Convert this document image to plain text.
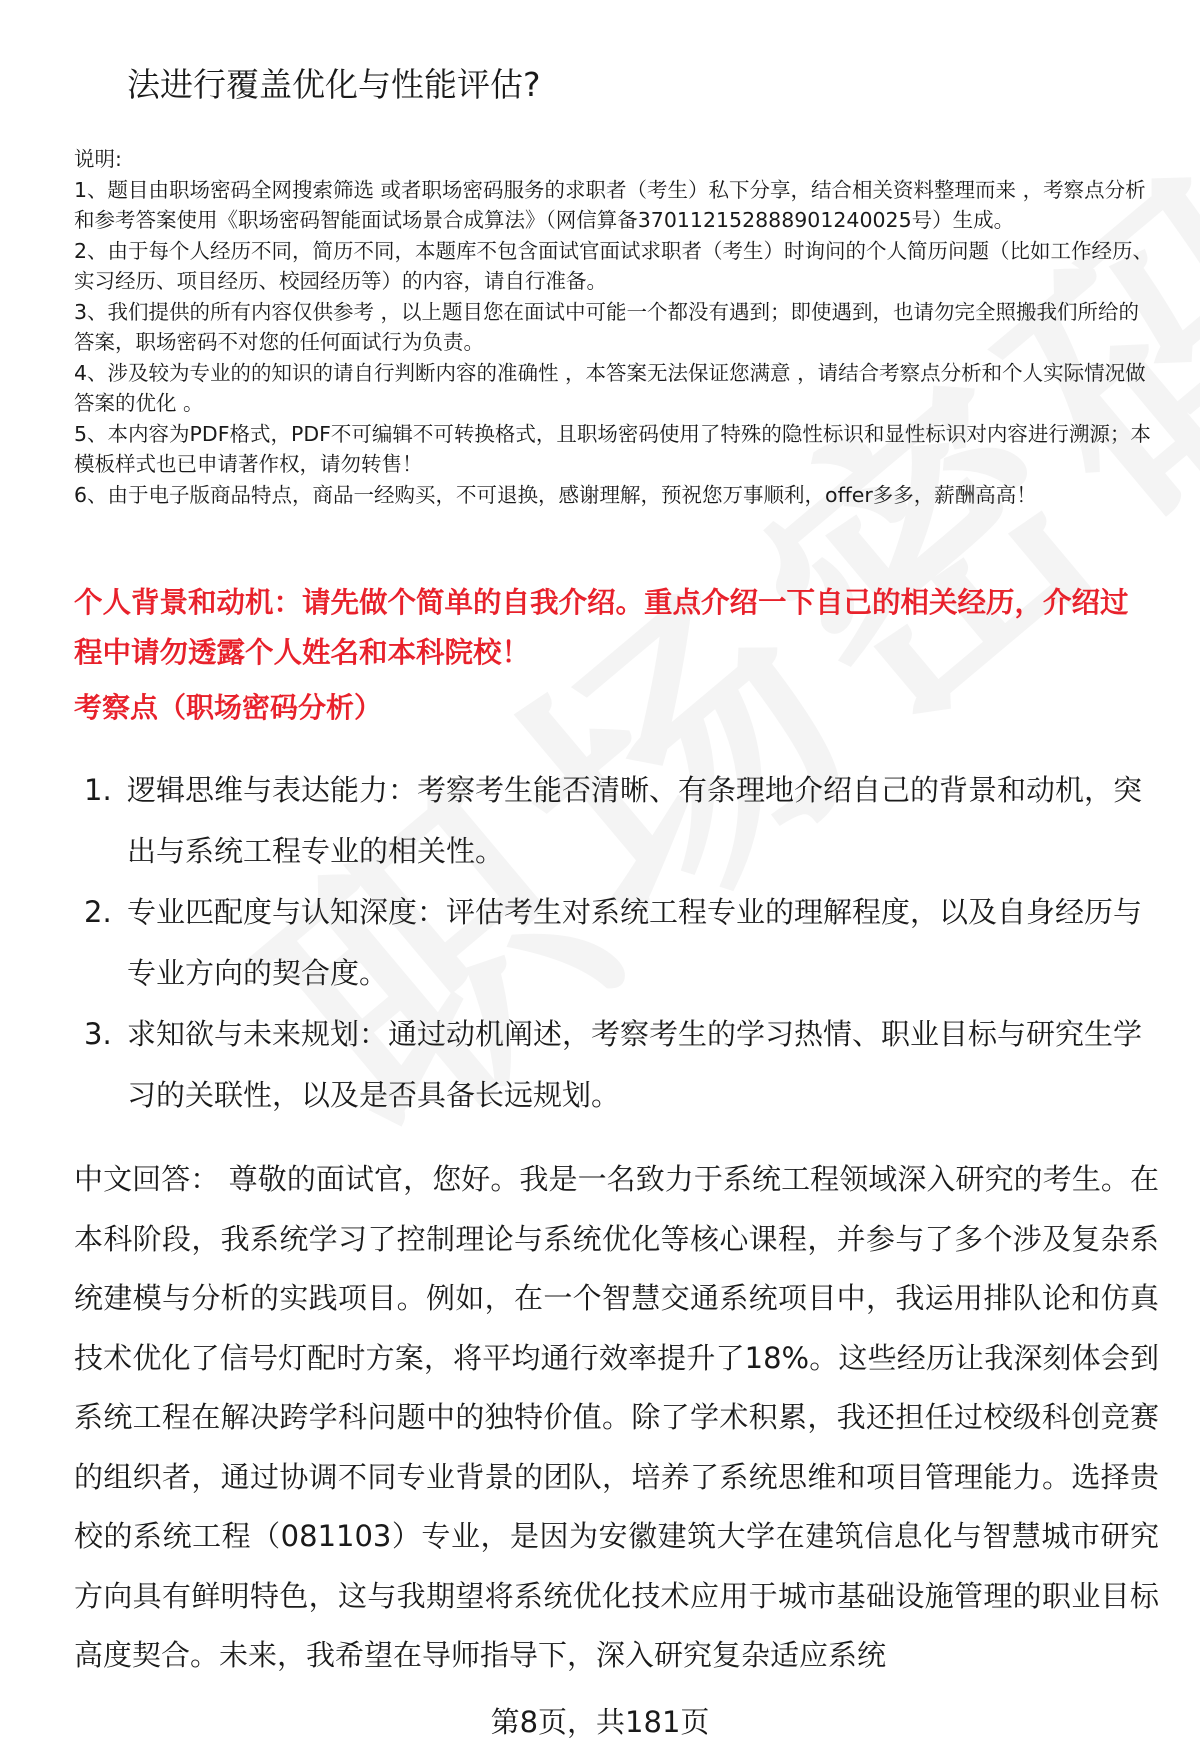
法进行覆盖优化与性能评估?

说明:

1、题目由职场密码全网搜索筛选 或者职场密码服务的求职者（考生）私下分享，结合相关资料整理而来 ，考察点分析和参考答案使用《职场密码智能面试场景合成算法》（网信算备370112152888901240025号）生成。

2、由于每个人经历不同，简历不同，本题库不包含面试官面试求职者（考生）时询问的个人简历问题（比如工作经历、实习经历、项目经历、校园经历等）的内容，请自行准备。

3、我们提供的所有内容仅供参考 ，以上题目您在面试中可能一个都没有遇到；即使遇到，也请勿完全照搬我们所给的答案，职场密码不对您的任何面试行为负责。

4、涉及较为专业的的知识的请自行判断内容的准确性 ，本答案无法保证您满意 ，请结合考察点分析和个人实际情况做答案的优化 。

5、本内容为PDF格式，PDF不可编辑不可转换格式，且职场密码使用了特殊的隐性标识和显性标识对内容进行溯源；本模板样式也已申请著作权，请勿转售！

6、由于电子版商品特点，商品一经购买，不可退换，感谢理解，预祝您万事顺利，offer多多，薪酬高高！

个人背景和动机：请先做个简单的自我介绍。重点介绍一下自己的相关经历，介绍过程中请勿透露个人姓名和本科院校！
考察点（职场密码分析）
1. 逻辑思维与表达能力：考察考生能否清晰、有条理地介绍自己的背景和动机，突出与系统工程专业的相关性。
2. 专业匹配度与认知深度：评估考生对系统工程专业的理解程度，以及自身经历与专业方向的契合度。
3. 求知欲与未来规划：通过动机阐述，考察考生的学习热情、职业目标与研究生学习的关联性，以及是否具备长远规划。

中文回答： 尊敬的面试官，您好。我是一名致力于系统工程领域深入研究的考生。在本科阶段，我系统学习了控制理论与系统优化等核心课程，并参与了多个涉及复杂系统建模与分析的实践项目。例如，在一个智慧交通系统项目中，我运用排队论和仿真技术优化了信号灯配时方案，将平均通行效率提升了18%。这些经历让我深刻体会到系统工程在解决跨学科问题中的独特价值。除了学术积累，我还担任过校级科创竞赛的组织者，通过协调不同专业背景的团队，培养了系统思维和项目管理能力。选择贵校的系统工程（081103）专业，是因为安徽建筑大学在建筑信息化与智慧城市研究方向具有鲜明特色，这与我期望将系统优化技术应用于城市基础设施管理的职业目标高度契合。未来，我希望在导师指导下，深入研究复杂适应系统

第8页，共181页
